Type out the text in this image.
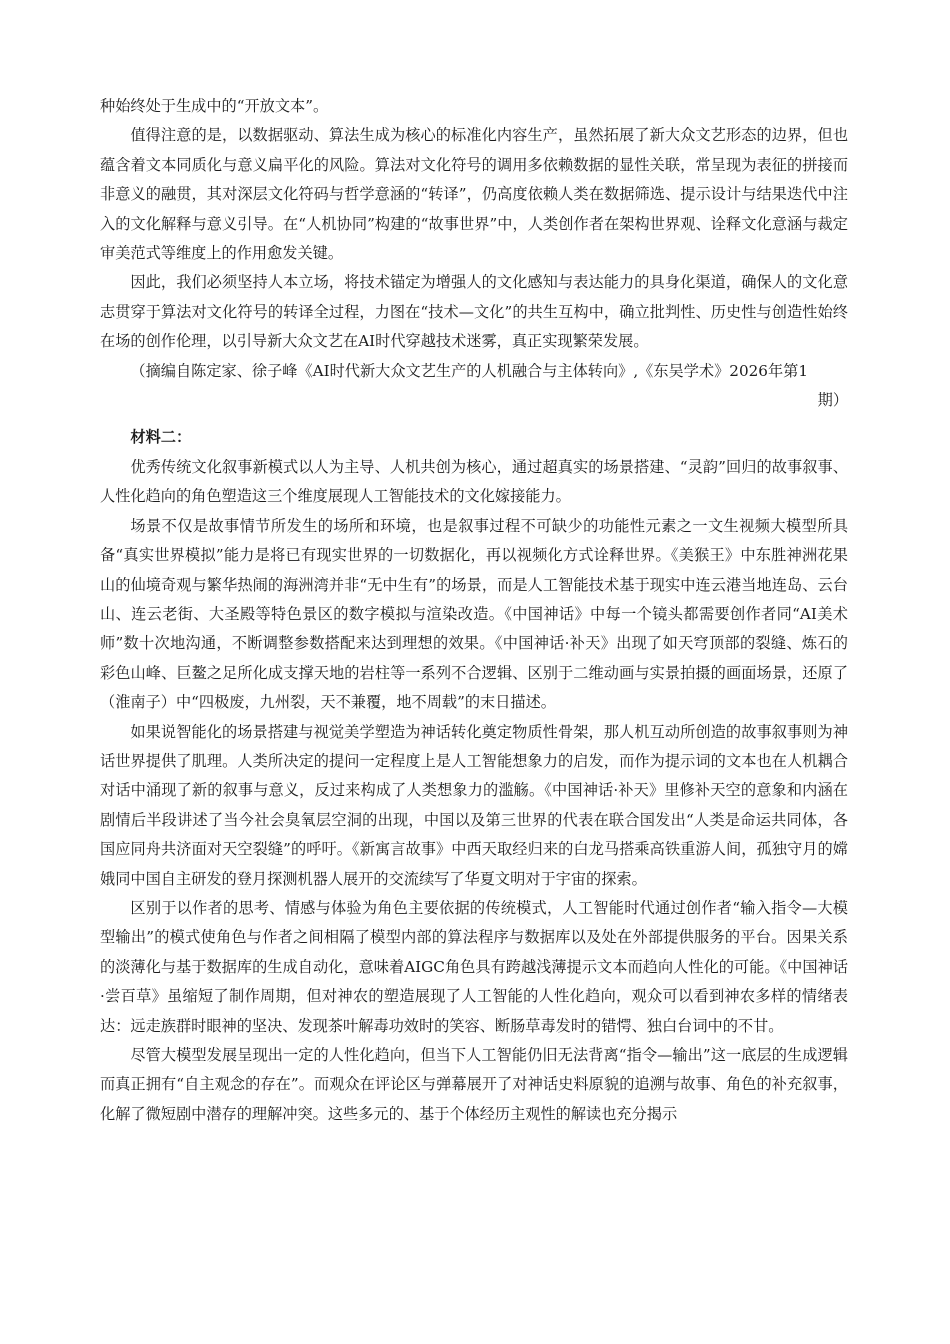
种始终处于生成中的“开放文本”。

值得注意的是，以数据驱动、算法生成为核心的标准化内容生产，虽然拓展了新大众文艺形态的边界，但也蕴含着文本同质化与意义扁平化的风险。算法对文化符号的调用多依赖数据的显性关联，常呈现为表征的拼接而非意义的融贯，其对深层文化符码与哲学意涵的“转译”，仍高度依赖人类在数据筛选、提示设计与结果迭代中注入的文化解释与意义引导。在“人机协同”构建的“故事世界”中，人类创作者在架构世界观、诠释文化意涵与裁定审美范式等维度上的作用愈发关键。

因此，我们必须坚持人本立场，将技术锚定为增强人的文化感知与表达能力的具身化渠道，确保人的文化意志贯穿于算法对文化符号的转译全过程，力图在“技术—文化”的共生互构中，确立批判性、历史性与创造性始终在场的创作伦理，以引导新大众文艺在AI时代穿越技术迷雾，真正实现繁荣发展。

（摘编自陈定家、徐子峰《AI时代新大众文艺生产的人机融合与主体转向》,《东吴学术》2026年第1
期）

材料二：

优秀传统文化叙事新模式以人为主导、人机共创为核心，通过超真实的场景搭建、“灵韵”回归的故事叙事、人性化趋向的角色塑造这三个维度展现人工智能技术的文化嫁接能力。

场景不仅是故事情节所发生的场所和环境，也是叙事过程不可缺少的功能性元素之一文生视频大模型所具备“真实世界模拟”能力是将已有现实世界的一切数据化，再以视频化方式诠释世界。《美猴王》中东胜神洲花果山的仙境奇观与繁华热闹的海洲湾并非“无中生有”的场景，而是人工智能技术基于现实中连云港当地连岛、云台山、连云老街、大圣殿等特色景区的数字模拟与渲染改造。《中国神话》中每一个镜头都需要创作者同“AI美术师”数十次地沟通，不断调整参数搭配来达到理想的效果。《中国神话·补天》出现了如天穹顶部的裂缝、炼石的彩色山峰、巨鳌之足所化成支撑天地的岩柱等一系列不合逻辑、区别于二维动画与实景拍摄的画面场景，还原了（淮南子）中“四极废，九州裂，天不兼覆，地不周载”的末日描述。

如果说智能化的场景搭建与视觉美学塑造为神话转化奠定物质性骨架，那人机互动所创造的故事叙事则为神话世界提供了肌理。人类所决定的提问一定程度上是人工智能想象力的启发，而作为提示词的文本也在人机耦合对话中涌现了新的叙事与意义，反过来构成了人类想象力的滥觞。《中国神话·补天》里修补天空的意象和内涵在剧情后半段讲述了当今社会臭氧层空洞的出现，中国以及第三世界的代表在联合国发出“人类是命运共同体，各国应同舟共济面对天空裂缝”的呼吁。《新寓言故事》中西天取经归来的白龙马搭乘高铁重游人间，孤独守月的嫦娥同中国自主研发的登月探测机器人展开的交流续写了华夏文明对于宇宙的探索。

区别于以作者的思考、情感与体验为角色主要依据的传统模式，人工智能时代通过创作者“输入指令—大模型输出”的模式使角色与作者之间相隔了模型内部的算法程序与数据库以及处在外部提供服务的平台。因果关系的淡薄化与基于数据库的生成自动化，意味着AIGC角色具有跨越浅薄提示文本而趋向人性化的可能。《中国神话·尝百草》虽缩短了制作周期，但对神农的塑造展现了人工智能的人性化趋向，观众可以看到神农多样的情绪表达：远走族群时眼神的坚决、发现茶叶解毒功效时的笑容、断肠草毒发时的错愕、独白台词中的不甘。

尽管大模型发展呈现出一定的人性化趋向，但当下人工智能仍旧无法背离“指令—输出”这一底层的生成逻辑而真正拥有“自主观念的存在”。而观众在评论区与弹幕展开了对神话史料原貌的追溯与故事、角色的补充叙事，化解了微短剧中潜存的理解冲突。这些多元的、基于个体经历主观性的解读也充分揭示
